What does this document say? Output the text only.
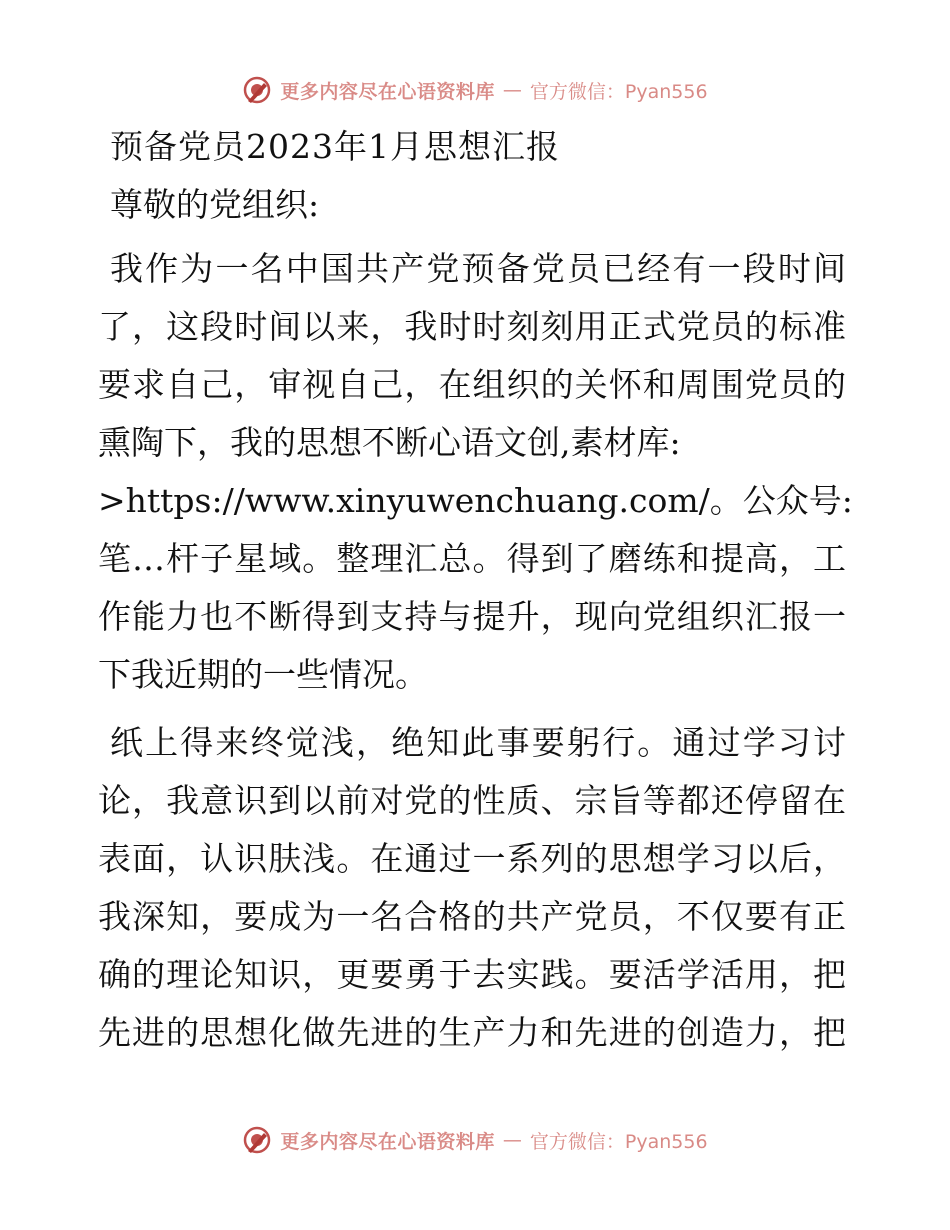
更多内容尽在心语资料库 — 官方微信：Pyan556
预备党员2023年1月思想汇报
尊敬的党组织:
我作为一名中国共产党预备党员已经有一段时间
了，这段时间以来，我时时刻刻用正式党员的标准
要求自己，审视自己，在组织的关怀和周围党员的
熏陶下，我的思想不断心语文创,素材库:
>https://www.xinyuwenchuang.com/。公众号:
笔…杆子星域。整理汇总。得到了磨练和提高，工
作能力也不断得到支持与提升，现向党组织汇报一
下我近期的一些情况。
纸上得来终觉浅，绝知此事要躬行。通过学习讨
论，我意识到以前对党的性质、宗旨等都还停留在
表面，认识肤浅。在通过一系列的思想学习以后，
我深知，要成为一名合格的共产党员，不仅要有正
确的理论知识，更要勇于去实践。要活学活用，把
先进的思想化做先进的生产力和先进的创造力，把
更多内容尽在心语资料库 — 官方微信：Pyan556
